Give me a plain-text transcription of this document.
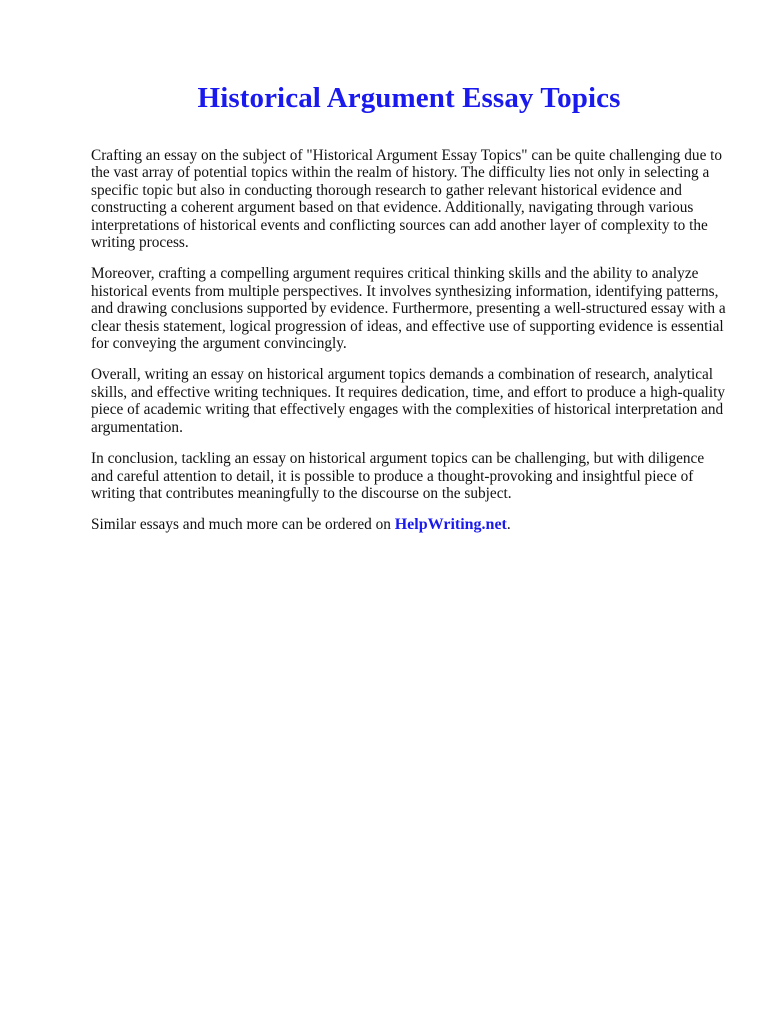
Historical Argument Essay Topics

Crafting an essay on the subject of "Historical Argument Essay Topics" can be quite challenging due to the vast array of potential topics within the realm of history. The difficulty lies not only in selecting a specific topic but also in conducting thorough research to gather relevant historical evidence and constructing a coherent argument based on that evidence. Additionally, navigating through various interpretations of historical events and conflicting sources can add another layer of complexity to the writing process.

Moreover, crafting a compelling argument requires critical thinking skills and the ability to analyze historical events from multiple perspectives. It involves synthesizing information, identifying patterns, and drawing conclusions supported by evidence. Furthermore, presenting a well-structured essay with a clear thesis statement, logical progression of ideas, and effective use of supporting evidence is essential for conveying the argument convincingly.

Overall, writing an essay on historical argument topics demands a combination of research, analytical skills, and effective writing techniques. It requires dedication, time, and effort to produce a high-quality piece of academic writing that effectively engages with the complexities of historical interpretation and argumentation.

In conclusion, tackling an essay on historical argument topics can be challenging, but with diligence and careful attention to detail, it is possible to produce a thought-provoking and insightful piece of writing that contributes meaningfully to the discourse on the subject.

Similar essays and much more can be ordered on HelpWriting.net.
